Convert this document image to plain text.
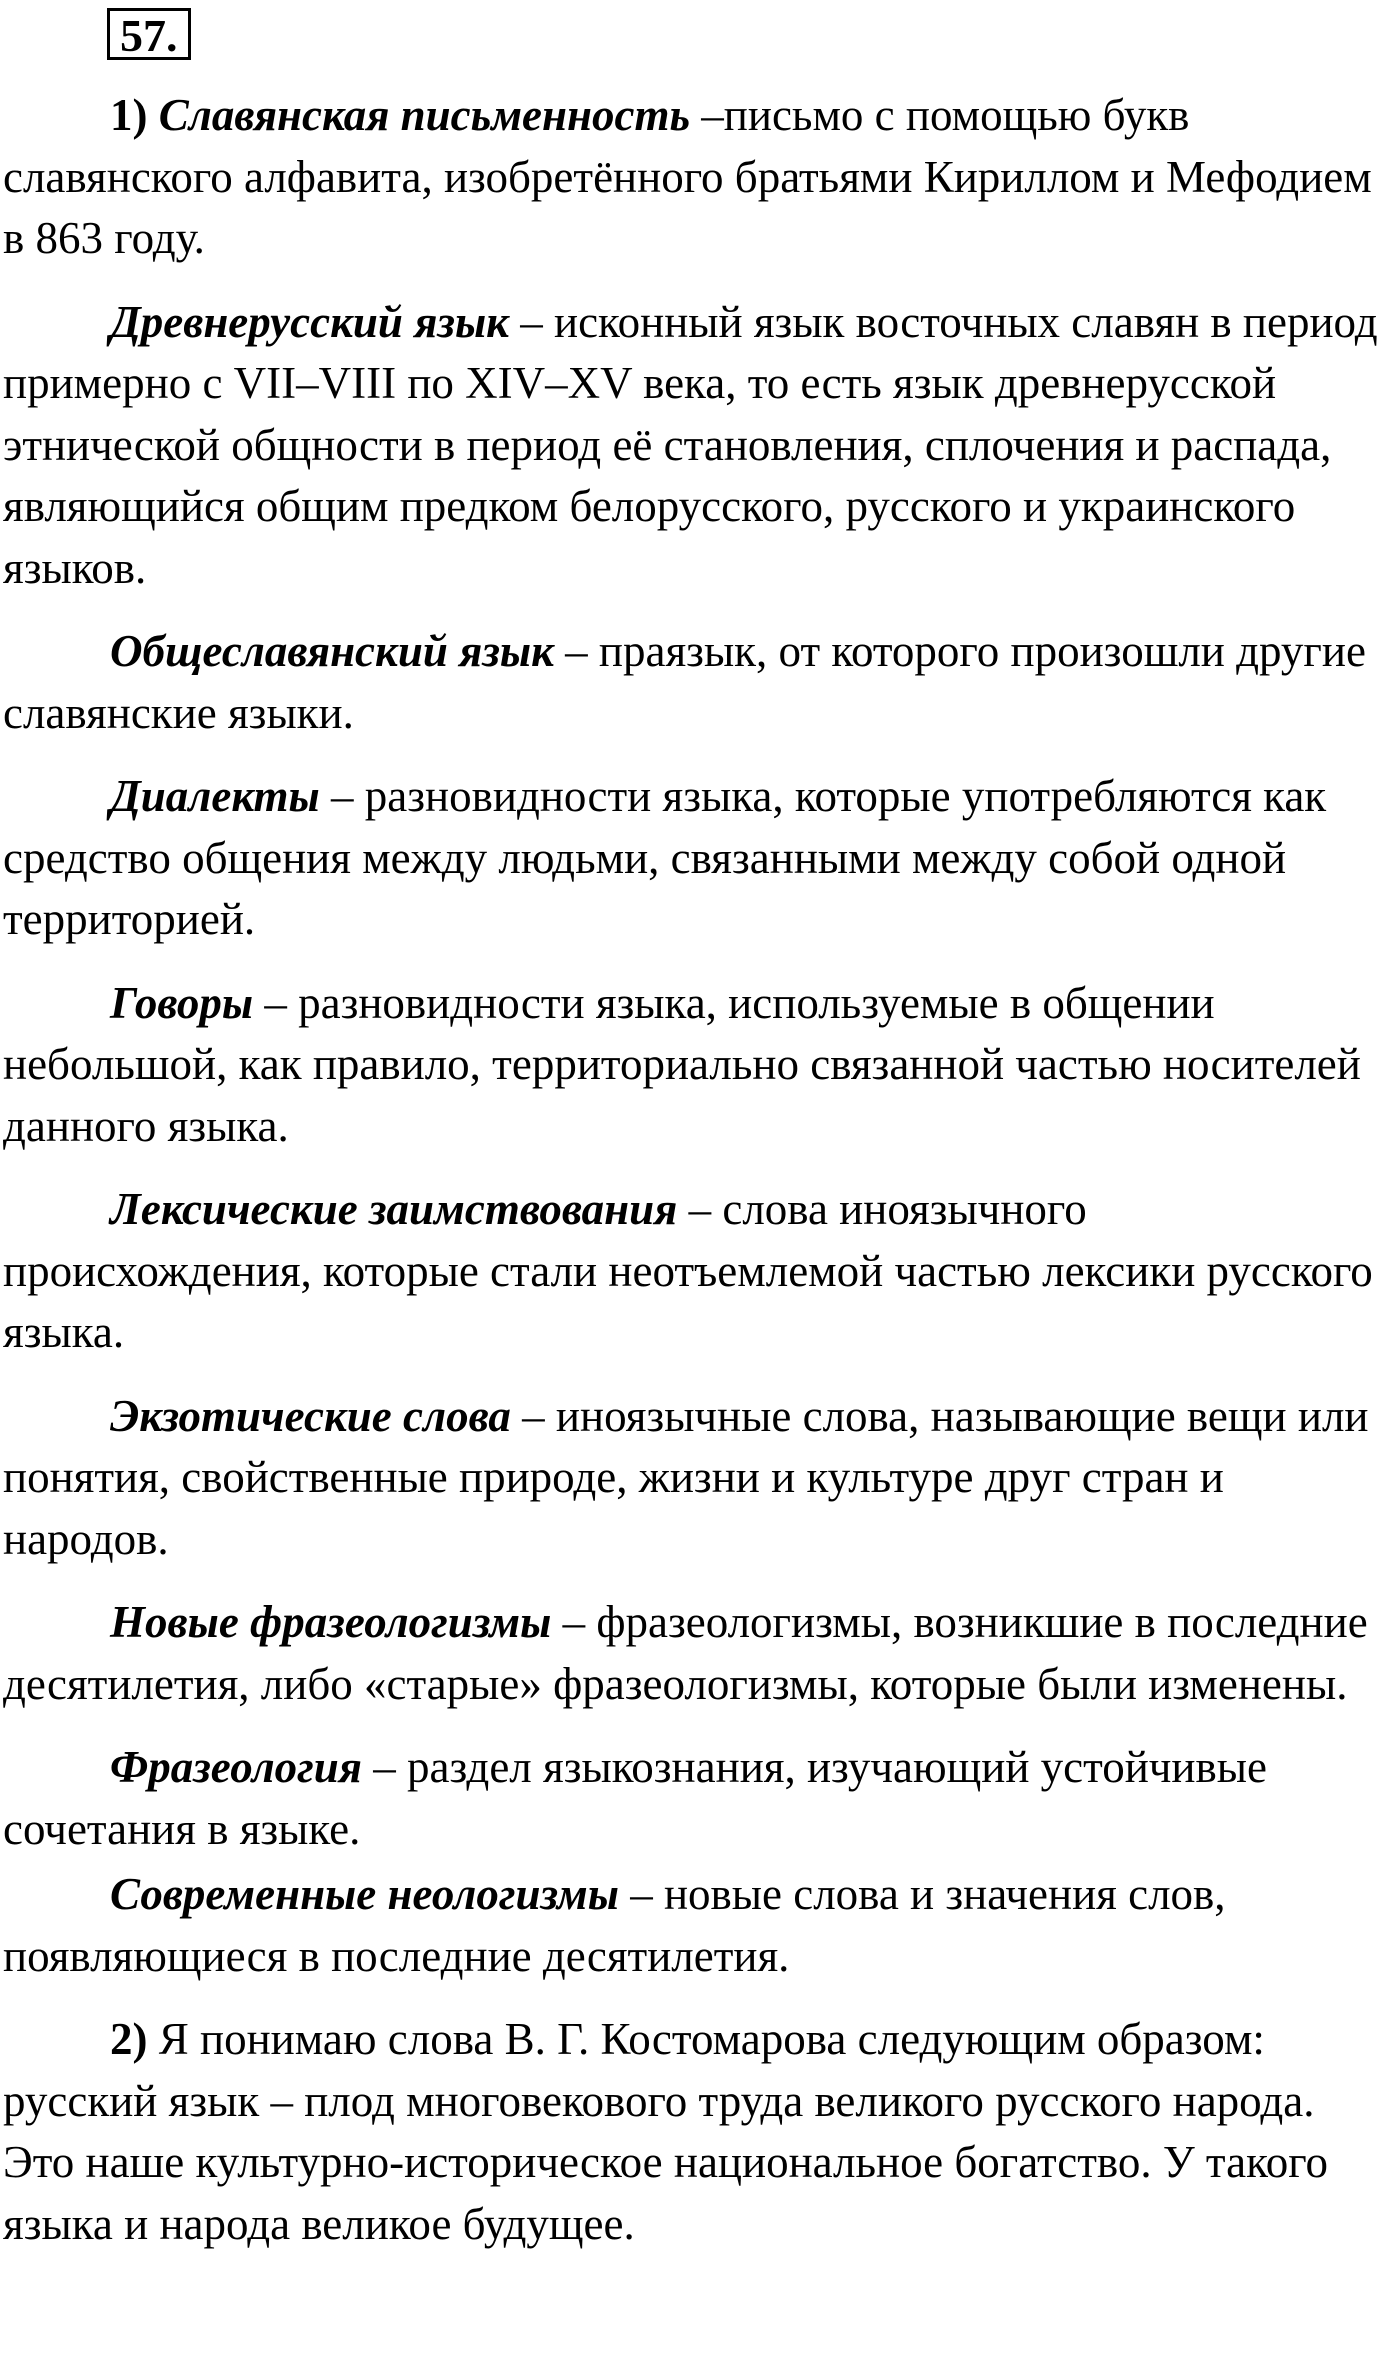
57.

1) Славянская письменность –письмо с помощью букв славянского алфавита, изобретённого братьями Кириллом и Мефодием в 863 году.

Древнерусский язык – исконный язык восточных славян в период примерно с VII–VIII по XIV–XV века, то есть язык древнерусской этнической общности в период её становления, сплочения и распада, являющийся общим предком белорусского, русского и украинского языков.

Общеславянский язык – праязык, от которого произошли другие славянские языки.

Диалекты – разновидности языка, которые употребляются как средство общения между людьми, связанными между собой одной территорией.

Говоры – разновидности языка, используемые в общении небольшой, как правило, территориально связанной частью носителей данного языка.

Лексические заимствования – слова иноязычного происхождения, которые стали неотъемлемой частью лексики русского языка.

Экзотические слова – иноязычные слова, называющие вещи или понятия, свойственные природе, жизни и культуре друг стран и народов.

Новые фразеологизмы – фразеологизмы, возникшие в последние десятилетия, либо «старые» фразеологизмы, которые были изменены.

Фразеология – раздел языкознания, изучающий устойчивые сочетания в языке.

Современные неологизмы – новые слова и значения слов, появляющиеся в последние десятилетия.

2) Я понимаю слова В. Г. Костомарова следующим образом: русский язык – плод многовекового труда великого русского народа. Это наше культурно-историческое национальное богатство. У такого языка и народа великое будущее.
